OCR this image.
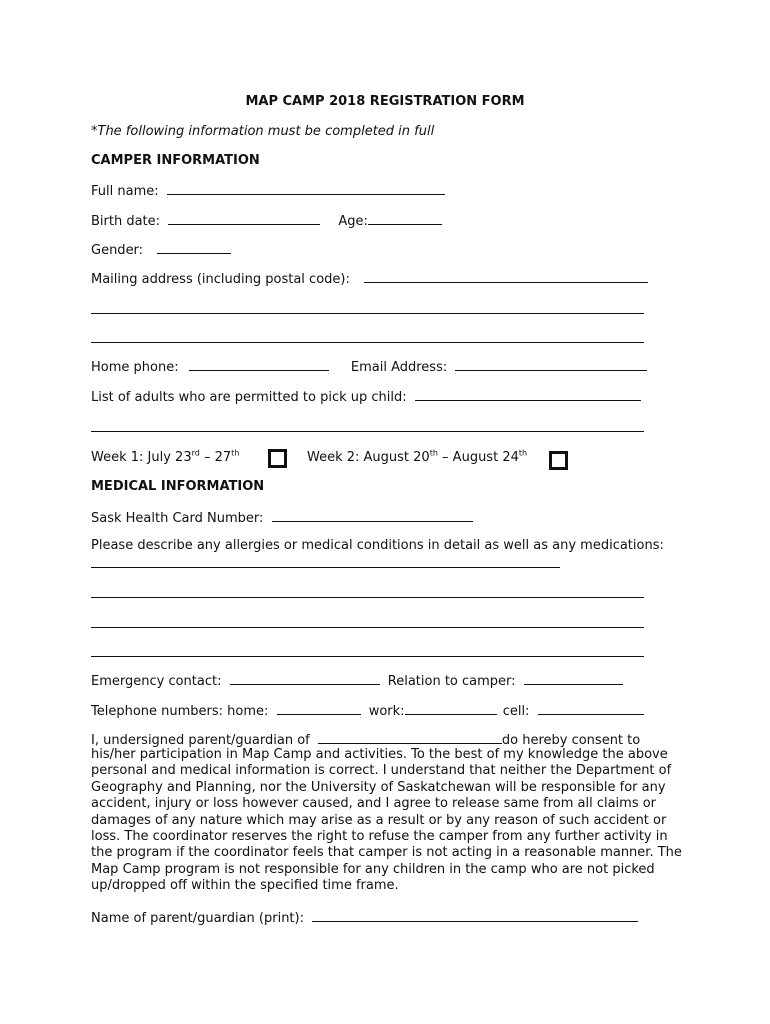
MAP CAMP 2018 REGISTRATION FORM
*The following information must be completed in full
CAMPER INFORMATION
Full name:
Birth date:	Age:
Gender:
Mailing address (including postal code):
Home phone:	Email Address:
List of adults who are permitted to pick up child:
Week 1: July 23rd – 27th	Week 2: August 20th – August 24th
MEDICAL INFORMATION
Sask Health Card Number:
Please describe any allergies or medical conditions in detail as well as any medications:
Emergency contact:	Relation to camper:
Telephone numbers: home:	work:	cell:
I, undersigned parent/guardian of	do hereby consent to
his/her participation in Map Camp and activities. To the best of my knowledge the above personal and medical information is correct. I understand that neither the Department of Geography and Planning, nor the University of Saskatchewan will be responsible for any accident, injury or loss however caused, and I agree to release same from all claims or damages of any nature which may arise as a result or by any reason of such accident or loss. The coordinator reserves the right to refuse the camper from any further activity in the program if the coordinator feels that camper is not acting in a reasonable manner. The Map Camp program is not responsible for any children in the camp who are not picked up/dropped off within the specified time frame.
Name of parent/guardian (print):
